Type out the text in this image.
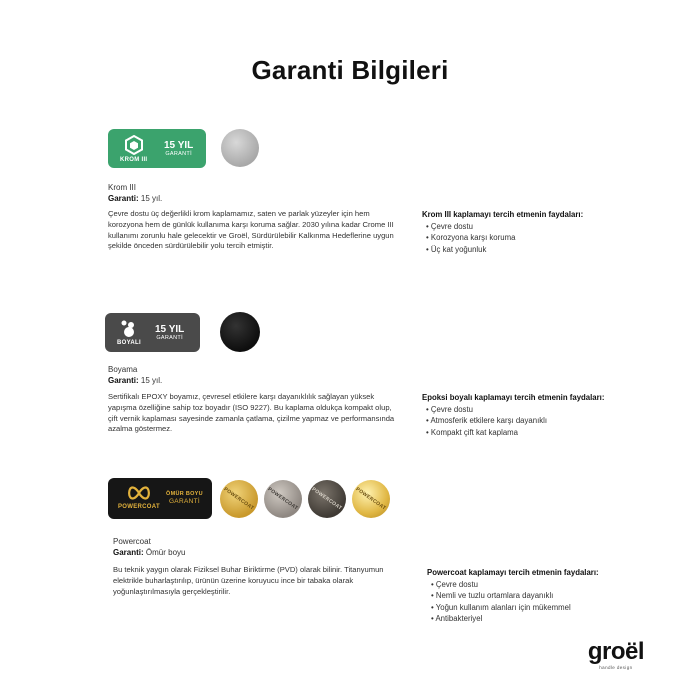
Garanti Bilgileri
KROM III
15 YIL
GARANTİ
Krom III
Garanti: 15 yıl.
Çevre dostu üç değerlikli krom kaplamamız, saten ve parlak yüzeyler için hem korozyona hem de günlük kullanıma karşı koruma sağlar. 2030 yılına kadar Crome III kullanımı zorunlu hale gelecektir ve Groël, Sürdürülebilir Kalkınma Hedeflerine uygun şekilde önceden sürdürülebilir yolu tercih etmiştir.
Krom III kaplamayı tercih etmenin faydaları:
• Çevre dostu
• Korozyona karşı koruma
• Üç kat yoğunluk
BOYALI
15 YIL
GARANTİ
Boyama
Garanti: 15 yıl.
Sertifikalı EPOXY boyamız, çevresel etkilere karşı dayanıklılık sağlayan yüksek yapışma özelliğine sahip toz boyadır (ISO 9227). Bu kaplama oldukça kompakt olup, çift vernik kaplaması sayesinde zamanla çatlama, çizilme yapmaz ve performansında azalma göstermez.
Epoksi boyalı kaplamayı tercih etmenin faydaları:
• Çevre dostu
• Atmosferik etkilere karşı dayanıklı
• Kompakt çift kat kaplama
POWERCOAT
ÖMÜR BOYU
GARANTİ	POWERCOAT POWERCOAT POWERCOAT POWERCOAT
Powercoat
Garanti: Ömür boyu
Bu teknik yaygın olarak Fiziksel Buhar Biriktirme (PVD) olarak bilinir. Titanyumun elektrikle buharlaştırılıp, ürünün üzerine koruyucu ince bir tabaka olarak yoğunlaştırılmasıyla gerçekleştirilir.
Powercoat kaplamayı tercih etmenin faydaları:
• Çevre dostu
• Nemli ve tuzlu ortamlara dayanıklı
• Yoğun kullanım alanları için mükemmel
• Antibakteriyel
groël
handle design
